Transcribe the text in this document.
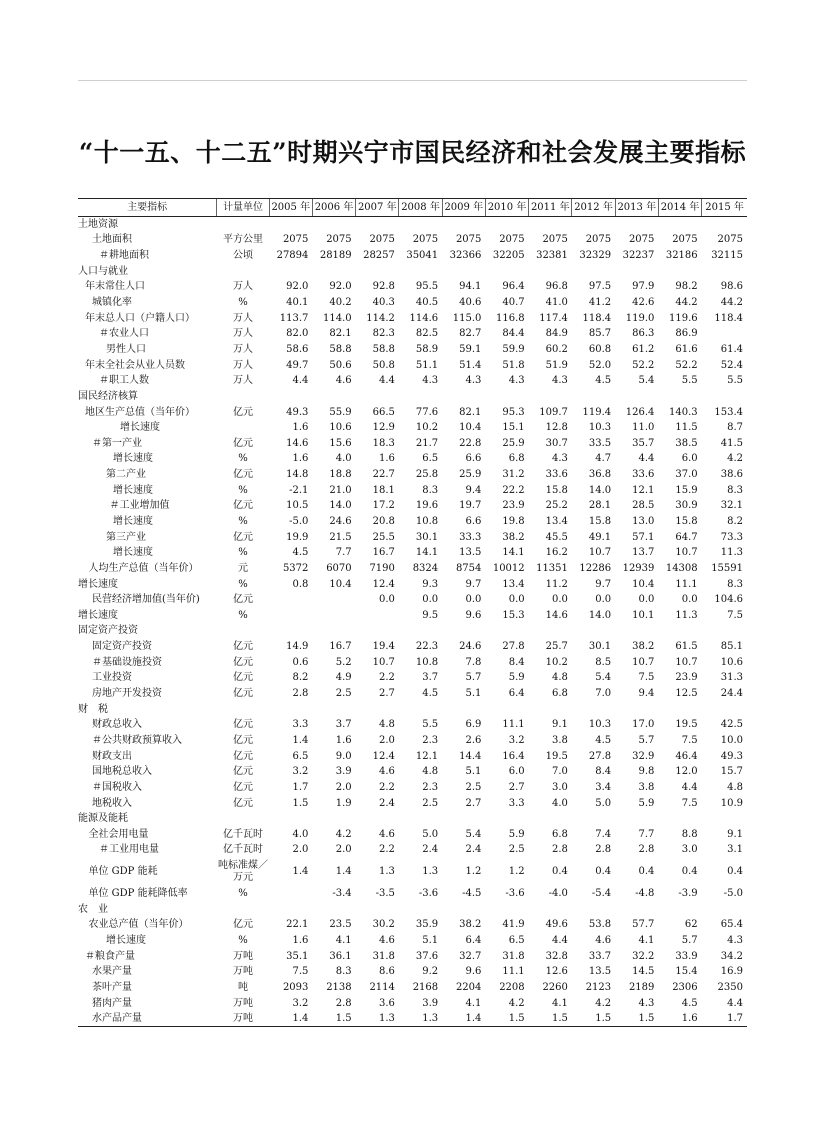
“十一五、十二五”时期兴宁市国民经济和社会发展主要指标
主要指标	计量单位	2005 年	2006 年	2007 年	2008 年	2009 年	2010 年	2011 年	2012 年	2013 年	2014 年	2015 年
土地资源												
土地面积	平方公里	2075	2075	2075	2075	2075	2075	2075	2075	2075	2075	2075
＃耕地面积	公顷	27894	28189	28257	35041	32366	32205	32381	32329	32237	32186	32115
人口与就业												
年末常住人口	万人	92.0	92.0	92.8	95.5	94.1	96.4	96.8	97.5	97.9	98.2	98.6
城镇化率	%	40.1	40.2	40.3	40.5	40.6	40.7	41.0	41.2	42.6	44.2	44.2
年末总人口（户籍人口）	万人	113.7	114.0	114.2	114.6	115.0	116.8	117.4	118.4	119.0	119.6	118.4
＃农业人口	万人	82.0	82.1	82.3	82.5	82.7	84.4	84.9	85.7	86.3	86.9	
男性人口	万人	58.6	58.8	58.8	58.9	59.1	59.9	60.2	60.8	61.2	61.6	61.4
年末全社会从业人员数	万人	49.7	50.6	50.8	51.1	51.4	51.8	51.9	52.0	52.2	52.2	52.4
＃职工人数	万人	4.4	4.6	4.4	4.3	4.3	4.3	4.3	4.5	5.4	5.5	5.5
国民经济核算												
地区生产总值（当年价）	亿元	49.3	55.9	66.5	77.6	82.1	95.3	109.7	119.4	126.4	140.3	153.4
增长速度		1.6	10.6	12.9	10.2	10.4	15.1	12.8	10.3	11.0	11.5	8.7
＃第一产业	亿元	14.6	15.6	18.3	21.7	22.8	25.9	30.7	33.5	35.7	38.5	41.5
增长速度	%	1.6	4.0	1.6	6.5	6.6	6.8	4.3	4.7	4.4	6.0	4.2
第二产业	亿元	14.8	18.8	22.7	25.8	25.9	31.2	33.6	36.8	33.6	37.0	38.6
增长速度	%	-2.1	21.0	18.1	8.3	9.4	22.2	15.8	14.0	12.1	15.9	8.3
＃工业增加值	亿元	10.5	14.0	17.2	19.6	19.7	23.9	25.2	28.1	28.5	30.9	32.1
增长速度	%	-5.0	24.6	20.8	10.8	6.6	19.8	13.4	15.8	13.0	15.8	8.2
第三产业	亿元	19.9	21.5	25.5	30.1	33.3	38.2	45.5	49.1	57.1	64.7	73.3
增长速度	%	4.5	7.7	16.7	14.1	13.5	14.1	16.2	10.7	13.7	10.7	11.3
人均生产总值（当年价）	元	5372	6070	7190	8324	8754	10012	11351	12286	12939	14308	15591
增长速度	%	0.8	10.4	12.4	9.3	9.7	13.4	11.2	9.7	10.4	11.1	8.3
民营经济增加值(当年价)	亿元			0.0	0.0	0.0	0.0	0.0	0.0	0.0	0.0	104.6
增长速度	%				9.5	9.6	15.3	14.6	14.0	10.1	11.3	7.5
固定资产投资												
固定资产投资	亿元	14.9	16.7	19.4	22.3	24.6	27.8	25.7	30.1	38.2	61.5	85.1
＃基础设施投资	亿元	0.6	5.2	10.7	10.8	7.8	8.4	10.2	8.5	10.7	10.7	10.6
工业投资	亿元	8.2	4.9	2.2	3.7	5.7	5.9	4.8	5.4	7.5	23.9	31.3
房地产开发投资	亿元	2.8	2.5	2.7	4.5	5.1	6.4	6.8	7.0	9.4	12.5	24.4
财　税												
财政总收入	亿元	3.3	3.7	4.8	5.5	6.9	11.1	9.1	10.3	17.0	19.5	42.5
＃公共财政预算收入	亿元	1.4	1.6	2.0	2.3	2.6	3.2	3.8	4.5	5.7	7.5	10.0
财政支出	亿元	6.5	9.0	12.4	12.1	14.4	16.4	19.5	27.8	32.9	46.4	49.3
国地税总收入	亿元	3.2	3.9	4.6	4.8	5.1	6.0	7.0	8.4	9.8	12.0	15.7
＃国税收入	亿元	1.7	2.0	2.2	2.3	2.5	2.7	3.0	3.4	3.8	4.4	4.8
地税收入	亿元	1.5	1.9	2.4	2.5	2.7	3.3	4.0	5.0	5.9	7.5	10.9
能源及能耗												
全社会用电量	亿千瓦时	4.0	4.2	4.6	5.0	5.4	5.9	6.8	7.4	7.7	8.8	9.1
＃工业用电量	亿千瓦时	2.0	2.0	2.2	2.4	2.4	2.5	2.8	2.8	2.8	3.0	3.1
单位 GDP 能耗	吨标准煤／万元	1.4	1.4	1.3	1.3	1.2	1.2	0.4	0.4	0.4	0.4	0.4
单位 GDP 能耗降低率	%		-3.4	-3.5	-3.6	-4.5	-3.6	-4.0	-5.4	-4.8	-3.9	-5.0
农　业												
农业总产值（当年价）	亿元	22.1	23.5	30.2	35.9	38.2	41.9	49.6	53.8	57.7	62	65.4
增长速度	%	1.6	4.1	4.6	5.1	6.4	6.5	4.4	4.6	4.1	5.7	4.3
＃粮食产量	万吨	35.1	36.1	31.8	37.6	32.7	31.8	32.8	33.7	32.2	33.9	34.2
水果产量	万吨	7.5	8.3	8.6	9.2	9.6	11.1	12.6	13.5	14.5	15.4	16.9
茶叶产量	吨	2093	2138	2114	2168	2204	2208	2260	2123	2189	2306	2350
猪肉产量	万吨	3.2	2.8	3.6	3.9	4.1	4.2	4.1	4.2	4.3	4.5	4.4
水产品产量	万吨	1.4	1.5	1.3	1.3	1.4	1.5	1.5	1.5	1.5	1.6	1.7
